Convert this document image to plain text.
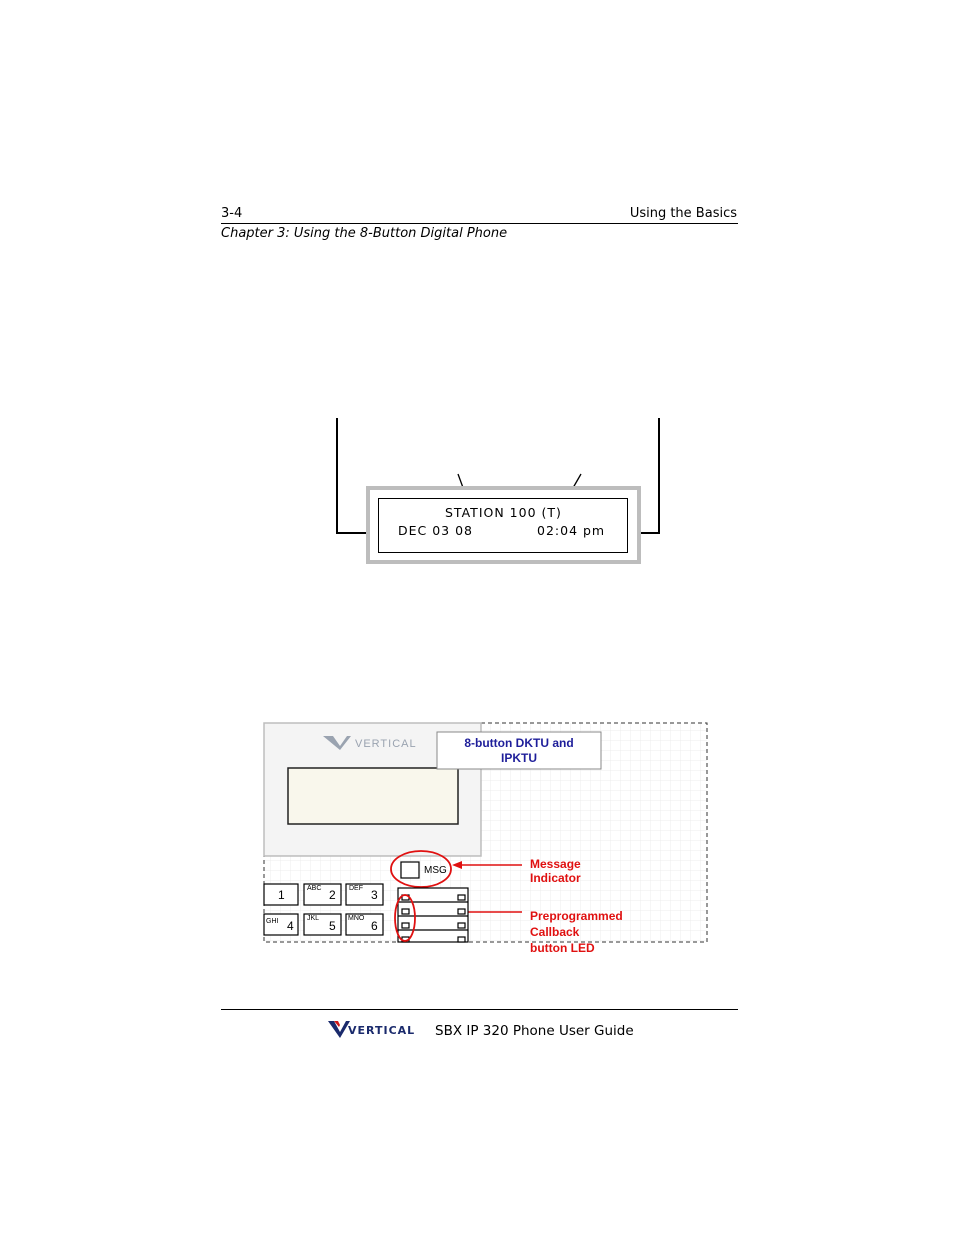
3-4	Using the Basics
Chapter 3: Using the 8-Button Digital Phone
STATION 100 (T)
DEC 03 08	02:04 pm
VERTICAL	8-button DKTU and
IPKTU
MSG
1	ABC 2 DEF 3
GHI 4
JKL
5
MNO
6
Message Indicator
Preprogrammed Callback
button LED
VERTICAL SBX IP 320 Phone User Guide
